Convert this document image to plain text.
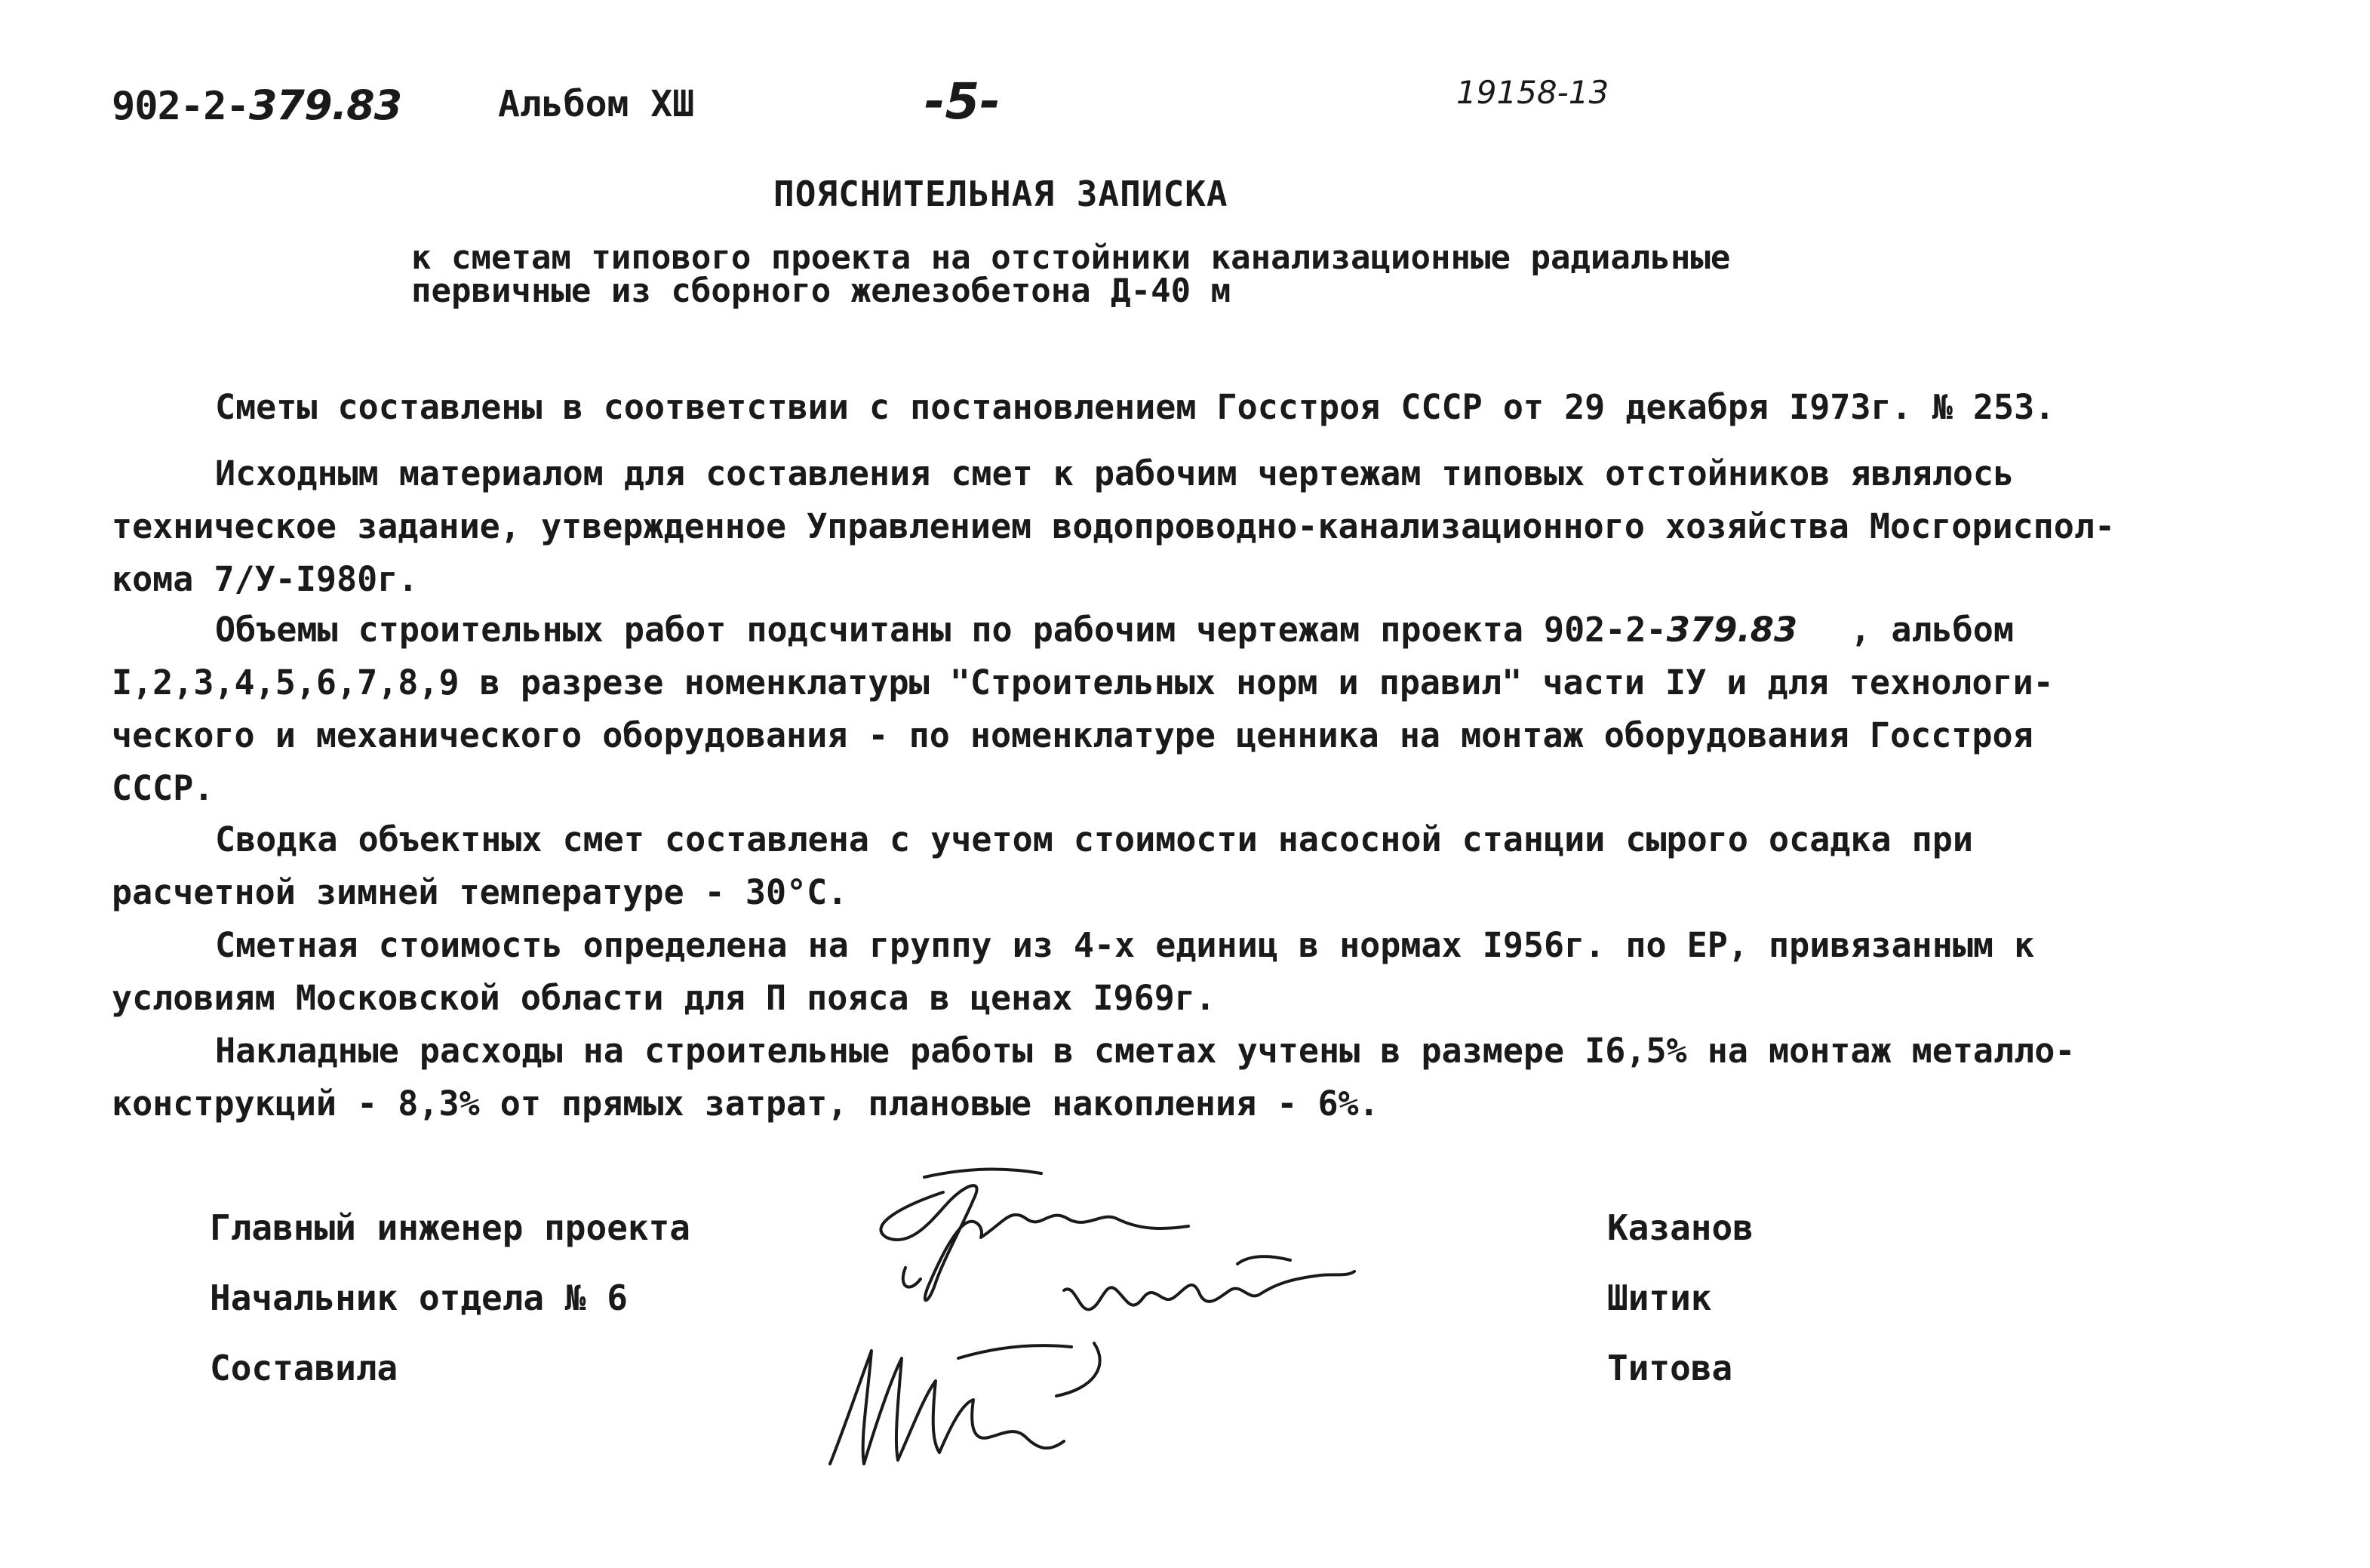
902-2-379.83	Альбом XШ	-5-	19158-13
ПОЯСНИТЕЛЬНАЯ ЗАПИСКА
к сметам типового проекта на отстойники канализационные радиальные
первичные из сборного железобетона Д-40 м
Сметы составлены в соответствии с постановлением Госстроя СССР от 29 декабря I973г. № 253.
Исходным материалом для составления смет к рабочим чертежам типовых отстойников являлось
техническое задание, утвержденное Управлением водопроводно-канализационного хозяйства Мосгориспол-
кома 7/У-I980г.
Объемы строительных работ подсчитаны по рабочим чертежам проекта 902-2-379.83 , альбом
I,2,3,4,5,6,7,8,9 в разрезе номенклатуры "Строительных норм и правил" части IУ и для технологи-
ческого и механического оборудования - по номенклатуре ценника на монтаж оборудования Госстроя
СССР.
Сводка объектных смет составлена с учетом стоимости насосной станции сырого осадка при
расчетной зимней температуре - 30°С.
Сметная стоимость определена на группу из 4-х единиц в нормах I956г. по ЕР, привязанным к
условиям Московской области для П пояса в ценах I969г.
Накладные расходы на строительные работы в сметах учтены в размере I6,5% на монтаж металло-
конструкций - 8,3% от прямых затрат, плановые накопления - 6%.
Главный инженер проекта
Начальник отдела № 6
Составила
Казанов
Шитик
Титова
